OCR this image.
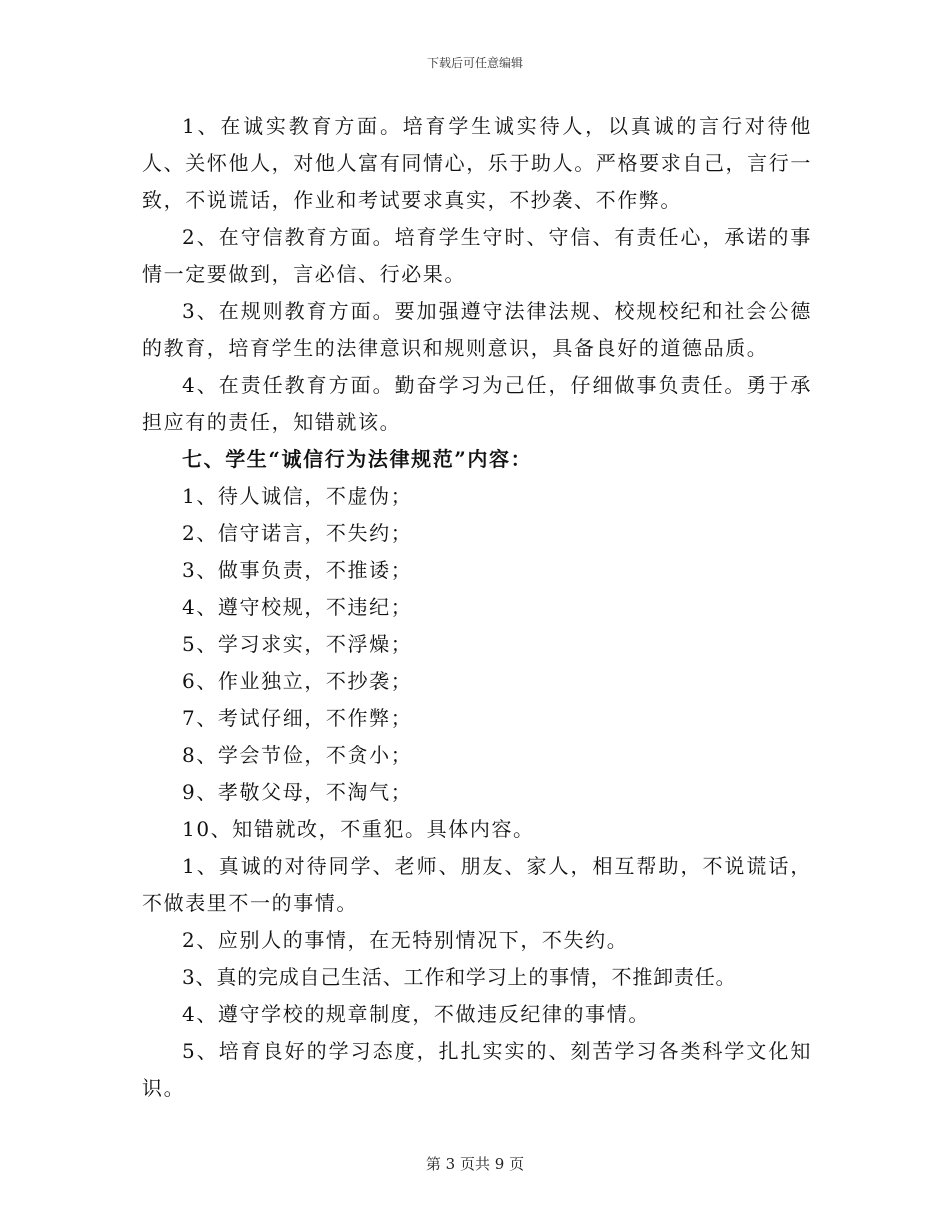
下载后可任意编辑

1、在诚实教育方面。培育学生诚实待人，以真诚的言行对待他人、关怀他人，对他人富有同情心，乐于助人。严格要求自己，言行一致，不说谎话，作业和考试要求真实，不抄袭、不作弊。

2、在守信教育方面。培育学生守时、守信、有责任心，承诺的事情一定要做到，言必信、行必果。

3、在规则教育方面。要加强遵守法律法规、校规校纪和社会公德的教育，培育学生的法律意识和规则意识，具备良好的道德品质。

4、在责任教育方面。勤奋学习为己任，仔细做事负责任。勇于承担应有的责任，知错就该。

七、学生“诚信行为法律规范”内容：

1、待人诚信，不虚伪；

2、信守诺言，不失约；

3、做事负责，不推诿；

4、遵守校规，不违纪；

5、学习求实，不浮燥；

6、作业独立，不抄袭；

7、考试仔细，不作弊；

8、学会节俭，不贪小；

9、孝敬父母，不淘气；

10、知错就改，不重犯。具体内容。

1、真诚的对待同学、老师、朋友、家人，相互帮助，不说谎话，不做表里不一的事情。

2、应别人的事情，在无特别情况下，不失约。

3、真的完成自己生活、工作和学习上的事情，不推卸责任。

4、遵守学校的规章制度，不做违反纪律的事情。

5、培育良好的学习态度，扎扎实实的、刻苦学习各类科学文化知识。

第 3 页共 9 页
